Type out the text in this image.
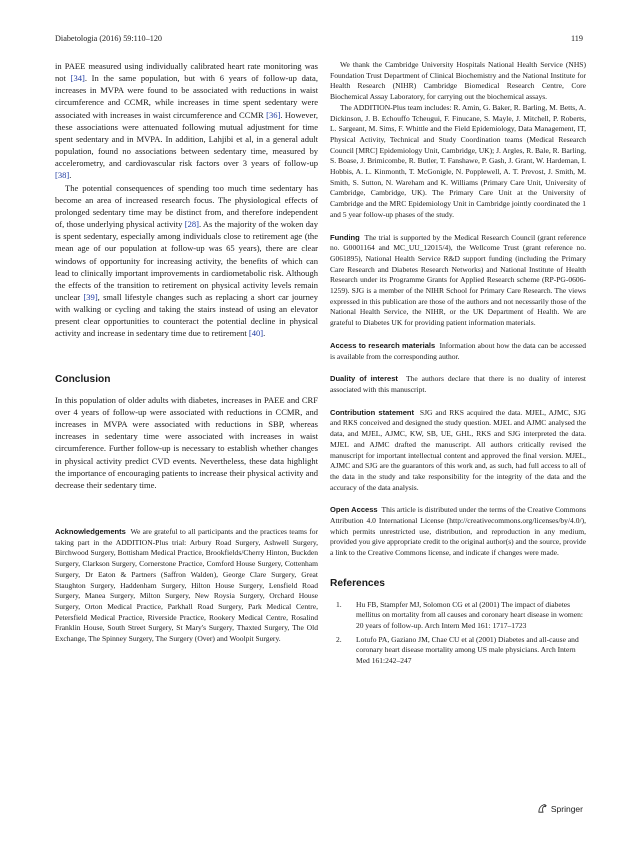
Diabetologia (2016) 59:110–120	119

in PAEE measured using individually calibrated heart rate monitoring was not [34]. In the same population, but with 6 years of follow-up data, increases in MVPA were found to be associated with reductions in waist circumference and CCMR, while increases in time spent sedentary were associated with increases in waist circumference and CCMR [36]. However, these associations were attenuated following mutual adjustment for time spent sedentary and in MVPA. In addition, Lahjibi et al, in a general adult population, found no associations between sedentary time, measured by accelerometry, and cardiovascular risk factors over 3 years of follow-up [38].

The potential consequences of spending too much time sedentary has become an area of increased research focus. The physiological effects of prolonged sedentary time may be distinct from, and therefore independent of, those underlying physical activity [28]. As the majority of the woken day is spent sedentary, especially among individuals close to retirement age (the mean age of our population at follow-up was 65 years), there are clear windows of opportunity for increasing activity, the benefits of which can lead to clinically important improvements in cardiometabolic risk. Although the effects of the transition to retirement on physical activity levels remain unclear [39], small lifestyle changes such as replacing a short car journey with walking or cycling and taking the stairs instead of using an elevator present clear opportunities to counteract the potential decline in physical activity and increase in sedentary time due to retirement [40].

Conclusion

In this population of older adults with diabetes, increases in PAEE and CRF over 4 years of follow-up were associated with reductions in CCMR, and increases in MVPA were associated with reductions in SBP, whereas increases in sedentary time were associated with increases in waist circumference. Further follow-up is necessary to establish whether changes in physical activity predict CVD events. Nevertheless, these data highlight the importance of encouraging patients to increase their physical activity and decrease their sedentary time.

Acknowledgements We are grateful to all participants and the practices teams for taking part in the ADDITION-Plus trial: Arbury Road Surgery, Ashwell Surgery, Birchwood Surgery, Bottisham Medical Practice, Brookfields/Cherry Hinton, Buckden Surgery, Clarkson Surgery, Cornerstone Practice, Comford House Surgery, Cottenham Surgery, Dr Eaton & Partners (Saffron Walden), George Clare Surgery, Great Staughton Surgery, Haddenham Surgery, Hilton House Surgery, Lensfield Road Surgery, Manea Surgery, Milton Surgery, New Roysia Surgery, Orchard House Surgery, Orton Medical Practice, Parkhall Road Surgery, Park Medical Centre, Petersfield Medical Practice, Riverside Practice, Rookery Medical Centre, Rosalind Franklin House, South Street Surgery, St Mary's Surgery, Thaxted Surgery, The Old Exchange, The Spinney Surgery, The Surgery (Over) and Woolpit Surgery.

We thank the Cambridge University Hospitals National Health Service (NHS) Foundation Trust Department of Clinical Biochemistry and the National Institute for Health Research (NIHR) Cambridge Biomedical Research Centre, Core Biochemical Assay Laboratory, for carrying out the biochemical assays.

The ADDITION-Plus team includes: R. Amin, G. Baker, R. Barling, M. Betts, A. Dickinson, J. B. Echouffo Tcheugui, F. Finucane, S. Mayle, J. Mitchell, P. Roberts, L. Sargeant, M. Sims, F. Whittle and the Field Epidemiology, Data Management, IT, Physical Activity, Technical and Study Coordination teams (Medical Research Council [MRC] Epidemiology Unit, Cambridge, UK); J. Argles, R. Bale, R. Barling, S. Boase, J. Brimicombe, R. Butler, T. Fanshawe, P. Gash, J. Grant, W. Hardeman, I. Hobbis, A. L. Kinmonth, T. McGonigle, N. Popplewell, A. T. Prevost, J. Smith, M. Smith, S. Sutton, N. Wareham and K. Williams (Primary Care Unit, University of Cambridge, Cambridge, UK). The Primary Care Unit at the University of Cambridge and the MRC Epidemiology Unit in Cambridge jointly coordinated the 1 and 5 year follow-up phases of the study.

Funding The trial is supported by the Medical Research Council (grant reference no. G0001164 and MC_UU_12015/4), the Wellcome Trust (grant reference no. G061895), National Health Service R&D support funding (including the Primary Care Research and Diabetes Research Networks) and National Institute of Health Research under its Programme Grants for Applied Research scheme (RP-PG-0606-1259). SJG is a member of the NIHR School for Primary Care Research. The views expressed in this publication are those of the authors and not necessarily those of the National Health Service, the NIHR, or the UK Department of Health. We are grateful to Diabetes UK for providing patient information materials.

Access to research materials Information about how the data can be accessed is available from the corresponding author.

Duality of interest The authors declare that there is no duality of interest associated with this manuscript.

Contribution statement SJG and RKS acquired the data. MJEL, AJMC, SJG and RKS conceived and designed the study question. MJEL and AJMC analysed the data, and MJEL, AJMC, KW, SB, UE, GHL, RKS and SJG interpreted the data. MJEL and AJMC drafted the manuscript. All authors critically revised the manuscript for important intellectual content and approved the final version. MJEL, AJMC and SJG are the guarantors of this work and, as such, had full access to all of the data in the study and take responsibility for the integrity of the data and the accuracy of the data analysis.

Open Access This article is distributed under the terms of the Creative Commons Attribution 4.0 International License (http://creativecommons.org/licenses/by/4.0/), which permits unrestricted use, distribution, and reproduction in any medium, provided you give appropriate credit to the original author(s) and the source, provide a link to the Creative Commons license, and indicate if changes were made.

References
1. Hu FB, Stampfer MJ, Solomon CG et al (2001) The impact of diabetes mellitus on mortality from all causes and coronary heart disease in women: 20 years of follow-up. Arch Intern Med 161: 1717–1723
2. Lotufo PA, Gaziano JM, Chae CU et al (2001) Diabetes and all-cause and coronary heart disease mortality among US male physicians. Arch Intern Med 161:242–247
Springer
